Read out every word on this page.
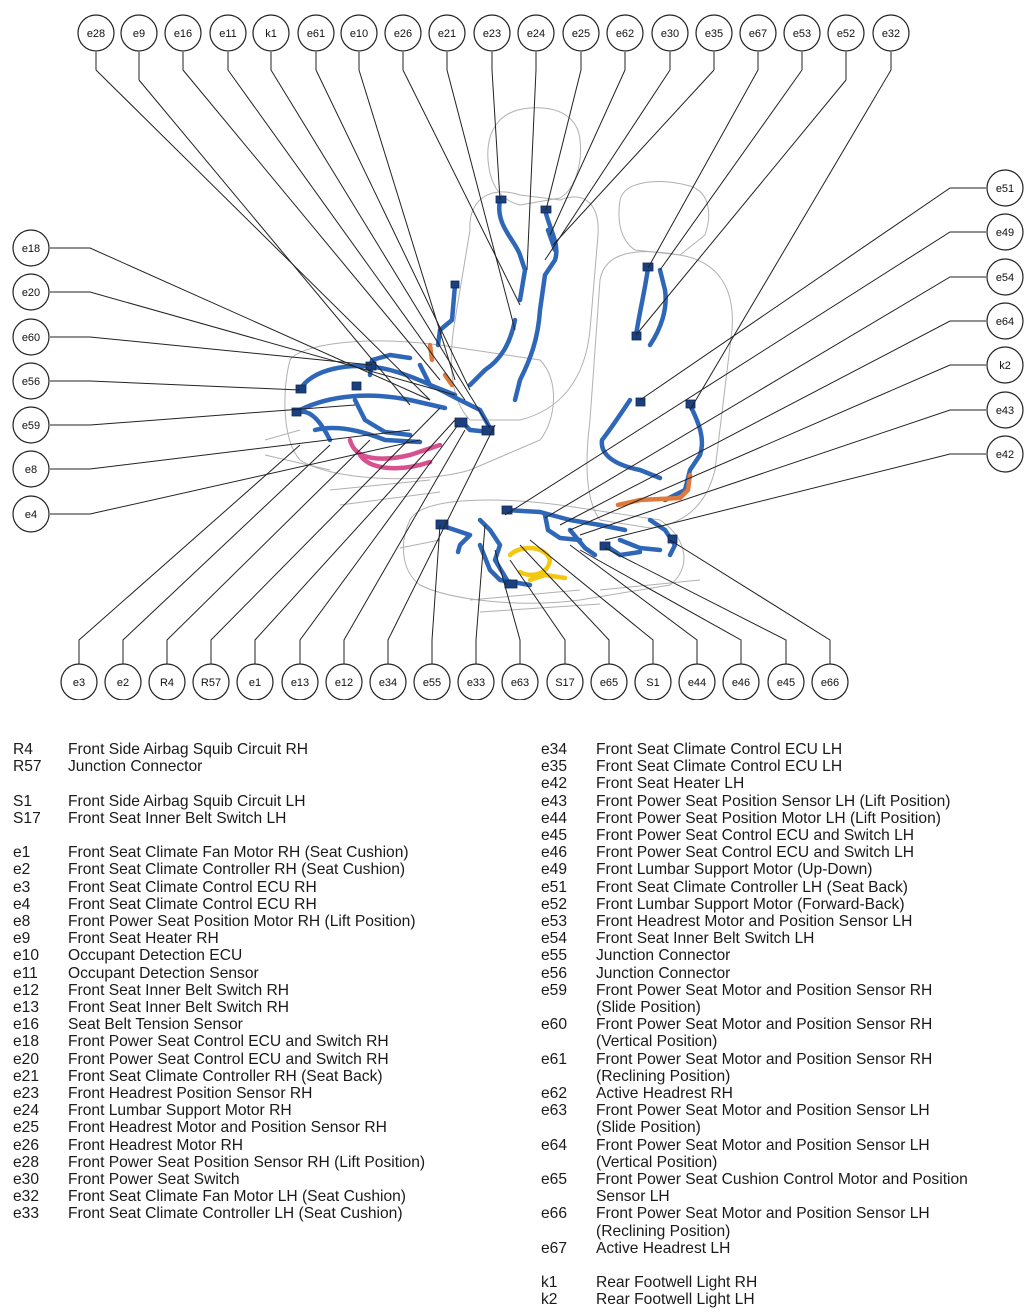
e28	e9	e16 e11	k1	e61 e10 e26 e21 e23 e24 e25 e62 e30 e35 e67 e53 e52 e32
e18
e20
e60
e56
e59
e8
e4
e51
e49
e54
e64
k2
e43
e42
e3	e2	R4 R57	e1	e13 e12 e34 e55 e33 e63 S17 e65	S1	e44 e46 e45 e66
R4	Front Side Airbag Squib Circuit RH
R57	Junction Connector
S1	Front Side Airbag Squib Circuit LH
S17	Front Seat Inner Belt Switch LH
e1	Front Seat Climate Fan Motor RH (Seat Cushion)
e2	Front Seat Climate Controller RH (Seat Cushion)
e3	Front Seat Climate Control ECU RH
e4	Front Seat Climate Control ECU RH
e8	Front Power Seat Position Motor RH (Lift Position)
e9	Front Seat Heater RH
e10	Occupant Detection ECU
e11	Occupant Detection Sensor
e12	Front Seat Inner Belt Switch RH
e13	Front Seat Inner Belt Switch RH
e16	Seat Belt Tension Sensor
e18	Front Power Seat Control ECU and Switch RH
e20	Front Power Seat Control ECU and Switch RH
e21	Front Seat Climate Controller RH (Seat Back)
e23	Front Headrest Position Sensor RH
e24	Front Lumbar Support Motor RH
e25	Front Headrest Motor and Position Sensor RH
e26	Front Headrest Motor RH
e28	Front Power Seat Position Sensor RH (Lift Position)
e30	Front Power Seat Switch
e32	Front Seat Climate Fan Motor LH (Seat Cushion)
e33	Front Seat Climate Controller LH (Seat Cushion)
e34	Front Seat Climate Control ECU LH
e35	Front Seat Climate Control ECU LH
e42	Front Seat Heater LH
e43	Front Power Seat Position Sensor LH (Lift Position)
e44	Front Power Seat Position Motor LH (Lift Position)
e45	Front Power Seat Control ECU and Switch LH
e46	Front Power Seat Control ECU and Switch LH
e49	Front Lumbar Support Motor (Up-Down)
e51	Front Seat Climate Controller LH (Seat Back)
e52	Front Lumbar Support Motor (Forward-Back)
e53	Front Headrest Motor and Position Sensor LH
e54	Front Seat Inner Belt Switch LH
e55	Junction Connector
e56	Junction Connector
e59	Front Power Seat Motor and Position Sensor RH
(Slide Position)
e60	Front Power Seat Motor and Position Sensor RH
(Vertical Position)
e61	Front Power Seat Motor and Position Sensor RH
(Reclining Position)
e62	Active Headrest RH
e63	Front Power Seat Motor and Position Sensor LH
(Slide Position)
e64	Front Power Seat Motor and Position Sensor LH
(Vertical Position)
e65	Front Power Seat Cushion Control Motor and Position
Sensor LH
e66	Front Power Seat Motor and Position Sensor LH
(Reclining Position)
e67	Active Headrest LH
k1	Rear Footwell Light RH
k2	Rear Footwell Light LH
